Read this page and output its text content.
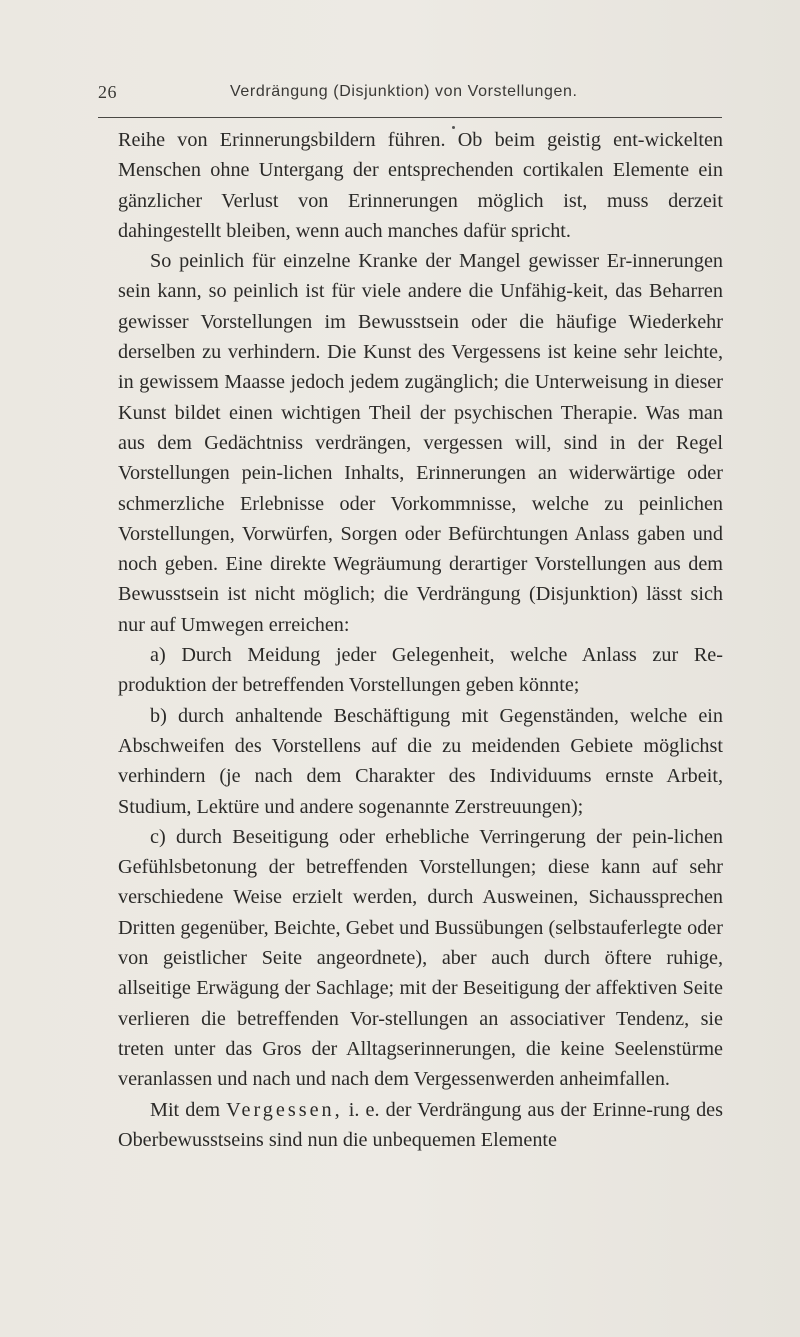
26	Verdrängung (Disjunktion) von Vorstellungen.

Reihe von Erinnerungsbildern führen. Ob beim geistig ent-wickelten Menschen ohne Untergang der entsprechenden cortikalen Elemente ein gänzlicher Verlust von Erinnerungen möglich ist, muss derzeit dahingestellt bleiben, wenn auch manches dafür spricht.

So peinlich für einzelne Kranke der Mangel gewisser Er-innerungen sein kann, so peinlich ist für viele andere die Unfähig-keit, das Beharren gewisser Vorstellungen im Bewusstsein oder die häufige Wiederkehr derselben zu verhindern. Die Kunst des Vergessens ist keine sehr leichte, in gewissem Maasse jedoch jedem zugänglich; die Unterweisung in dieser Kunst bildet einen wichtigen Theil der psychischen Therapie. Was man aus dem Gedächtniss verdrängen, vergessen will, sind in der Regel Vorstellungen pein-lichen Inhalts, Erinnerungen an widerwärtige oder schmerzliche Erlebnisse oder Vorkommnisse, welche zu peinlichen Vorstellungen, Vorwürfen, Sorgen oder Befürchtungen Anlass gaben und noch geben. Eine direkte Wegräumung derartiger Vorstellungen aus dem Bewusstsein ist nicht möglich; die Verdrängung (Disjunktion) lässt sich nur auf Umwegen erreichen:

a) Durch Meidung jeder Gelegenheit, welche Anlass zur Re-produktion der betreffenden Vorstellungen geben könnte;

b) durch anhaltende Beschäftigung mit Gegenständen, welche ein Abschweifen des Vorstellens auf die zu meidenden Gebiete möglichst verhindern (je nach dem Charakter des Individuums ernste Arbeit, Studium, Lektüre und andere sogenannte Zerstreuungen);

c) durch Beseitigung oder erhebliche Verringerung der pein-lichen Gefühlsbetonung der betreffenden Vorstellungen; diese kann auf sehr verschiedene Weise erzielt werden, durch Ausweinen, Sichaussprechen Dritten gegenüber, Beichte, Gebet und Bussübungen (selbstauferlegte oder von geistlicher Seite angeordnete), aber auch durch öftere ruhige, allseitige Erwägung der Sachlage; mit der Beseitigung der affektiven Seite verlieren die betreffenden Vor-stellungen an associativer Tendenz, sie treten unter das Gros der Alltagserinnerungen, die keine Seelenstürme veranlassen und nach und nach dem Vergessenwerden anheimfallen.

Mit dem Vergessen, i. e. der Verdrängung aus der Erinne-rung des Oberbewusstseins sind nun die unbequemen Elemente
